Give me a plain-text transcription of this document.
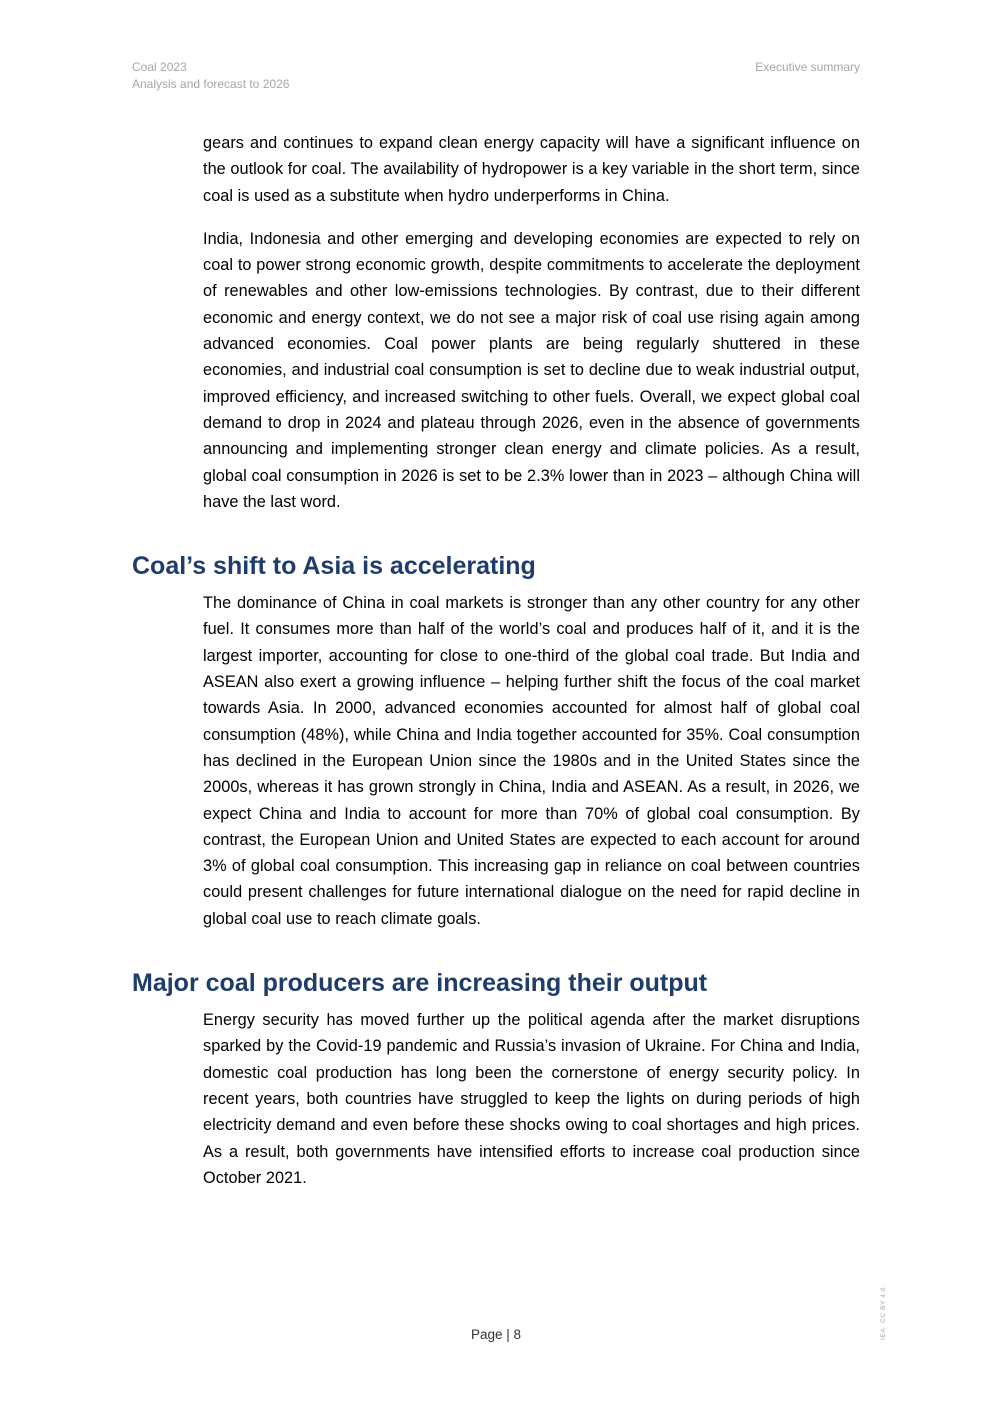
Coal 2023
Analysis and forecast to 2026
Executive summary

gears and continues to expand clean energy capacity will have a significant influence on the outlook for coal. The availability of hydropower is a key variable in the short term, since coal is used as a substitute when hydro underperforms in China.

India, Indonesia and other emerging and developing economies are expected to rely on coal to power strong economic growth, despite commitments to accelerate the deployment of renewables and other low-emissions technologies. By contrast, due to their different economic and energy context, we do not see a major risk of coal use rising again among advanced economies. Coal power plants are being regularly shuttered in these economies, and industrial coal consumption is set to decline due to weak industrial output, improved efficiency, and increased switching to other fuels. Overall, we expect global coal demand to drop in 2024 and plateau through 2026, even in the absence of governments announcing and implementing stronger clean energy and climate policies. As a result, global coal consumption in 2026 is set to be 2.3% lower than in 2023 – although China will have the last word.

Coal’s shift to Asia is accelerating

The dominance of China in coal markets is stronger than any other country for any other fuel. It consumes more than half of the world’s coal and produces half of it, and it is the largest importer, accounting for close to one-third of the global coal trade. But India and ASEAN also exert a growing influence – helping further shift the focus of the coal market towards Asia. In 2000, advanced economies accounted for almost half of global coal consumption (48%), while China and India together accounted for 35%. Coal consumption has declined in the European Union since the 1980s and in the United States since the 2000s, whereas it has grown strongly in China, India and ASEAN. As a result, in 2026, we expect China and India to account for more than 70% of global coal consumption. By contrast, the European Union and United States are expected to each account for around 3% of global coal consumption. This increasing gap in reliance on coal between countries could present challenges for future international dialogue on the need for rapid decline in global coal use to reach climate goals.

Major coal producers are increasing their output

Energy security has moved further up the political agenda after the market disruptions sparked by the Covid-19 pandemic and Russia’s invasion of Ukraine. For China and India, domestic coal production has long been the cornerstone of energy security policy. In recent years, both countries have struggled to keep the lights on during periods of high electricity demand and even before these shocks owing to coal shortages and high prices. As a result, both governments have intensified efforts to increase coal production since October 2021.

Page | 8	IEA. CC BY 4.0.
